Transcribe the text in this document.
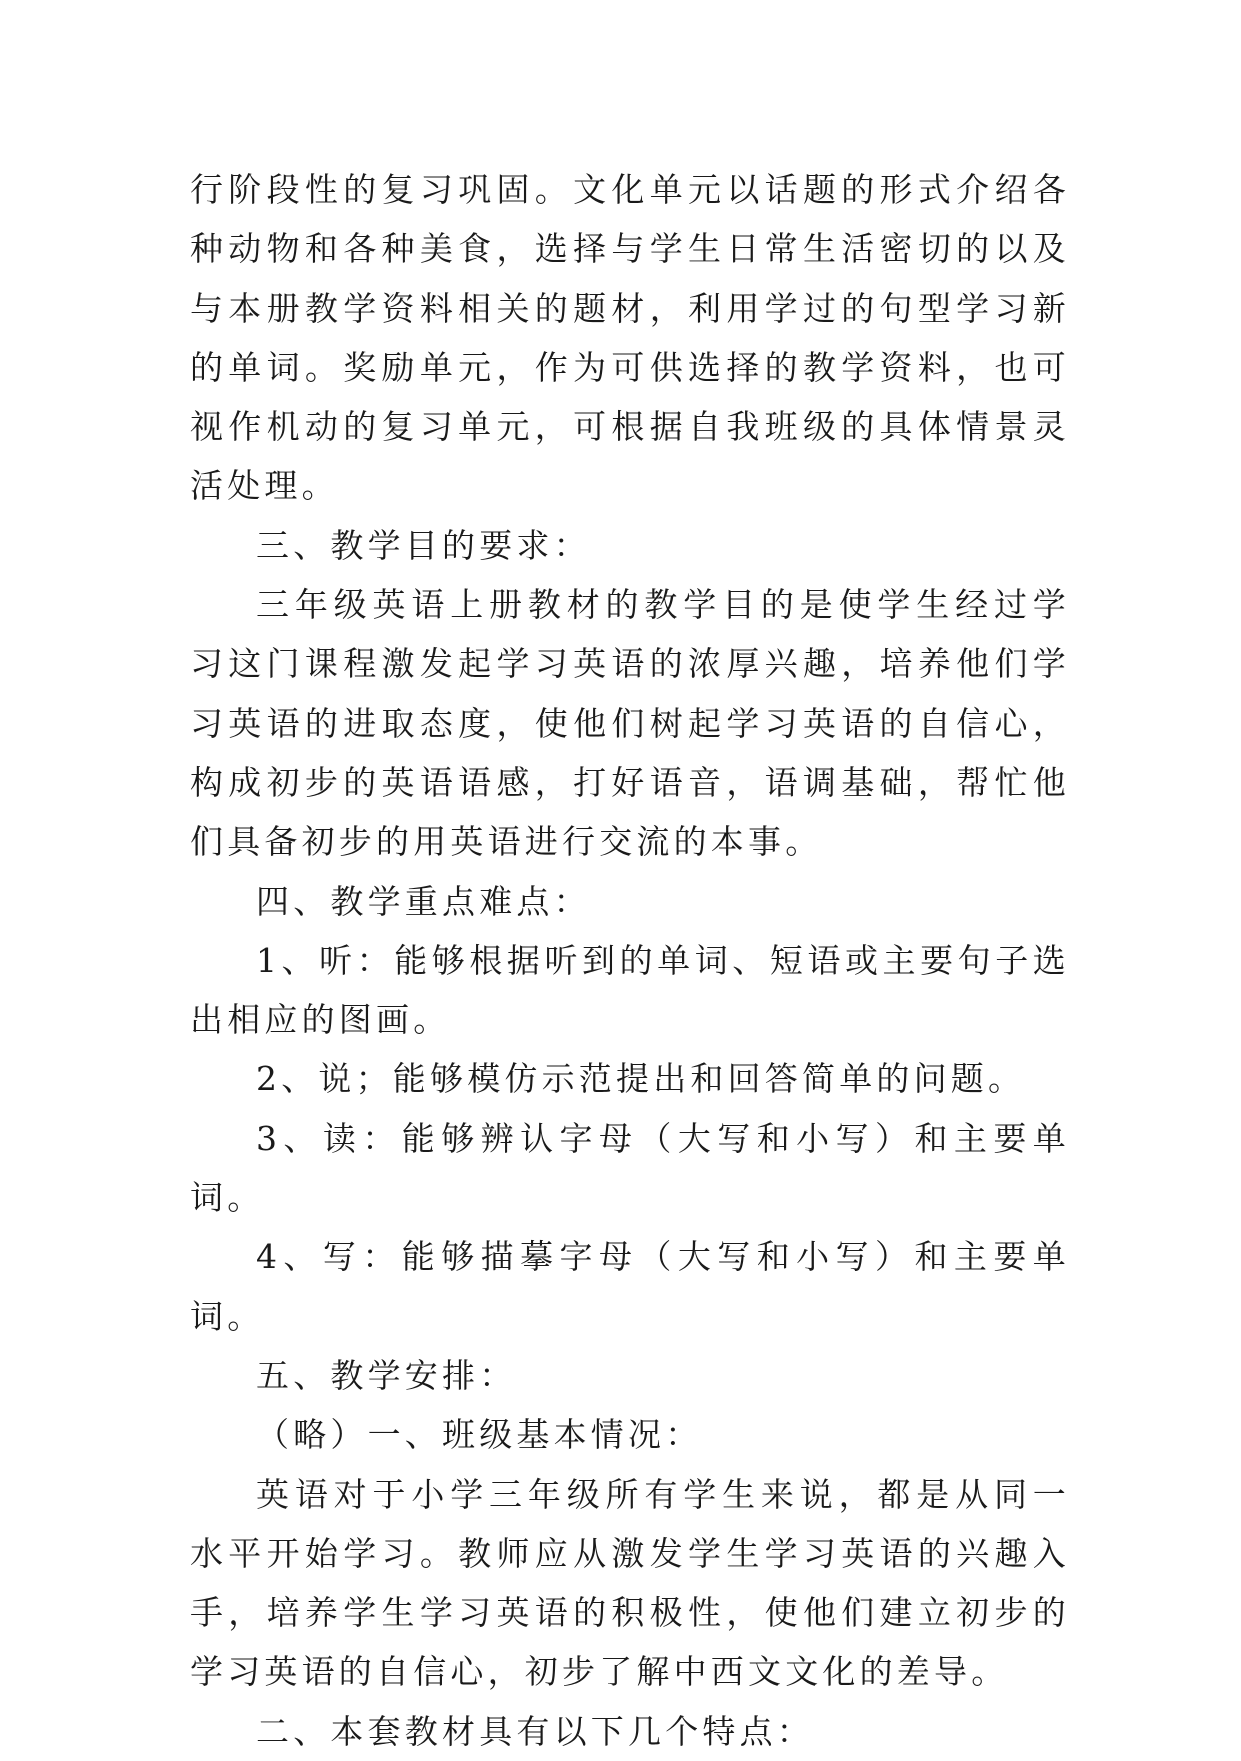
行阶段性的复习巩固。文化单元以话题的形式介绍各种动物和各种美食，选择与学生日常生活密切的以及与本册教学资料相关的题材，利用学过的句型学习新的单词。奖励单元，作为可供选择的教学资料，也可视作机动的复习单元，可根据自我班级的具体情景灵活处理。

三、教学目的要求：

三年级英语上册教材的教学目的是使学生经过学习这门课程激发起学习英语的浓厚兴趣，培养他们学习英语的进取态度，使他们树起学习英语的自信心，构成初步的英语语感，打好语音，语调基础，帮忙他们具备初步的用英语进行交流的本事。

四、教学重点难点：

1、听：能够根据听到的单词、短语或主要句子选出相应的图画。

2、说；能够模仿示范提出和回答简单的问题。

3、读：能够辨认字母（大写和小写）和主要单词。

4、写：能够描摹字母（大写和小写）和主要单词。

五、教学安排：

（略）一、班级基本情况：

英语对于小学三年级所有学生来说，都是从同一水平开始学习。教师应从激发学生学习英语的兴趣入手，培养学生学习英语的积极性，使他们建立初步的学习英语的自信心，初步了解中西文文化的差导。

二、本套教材具有以下几个特点：
